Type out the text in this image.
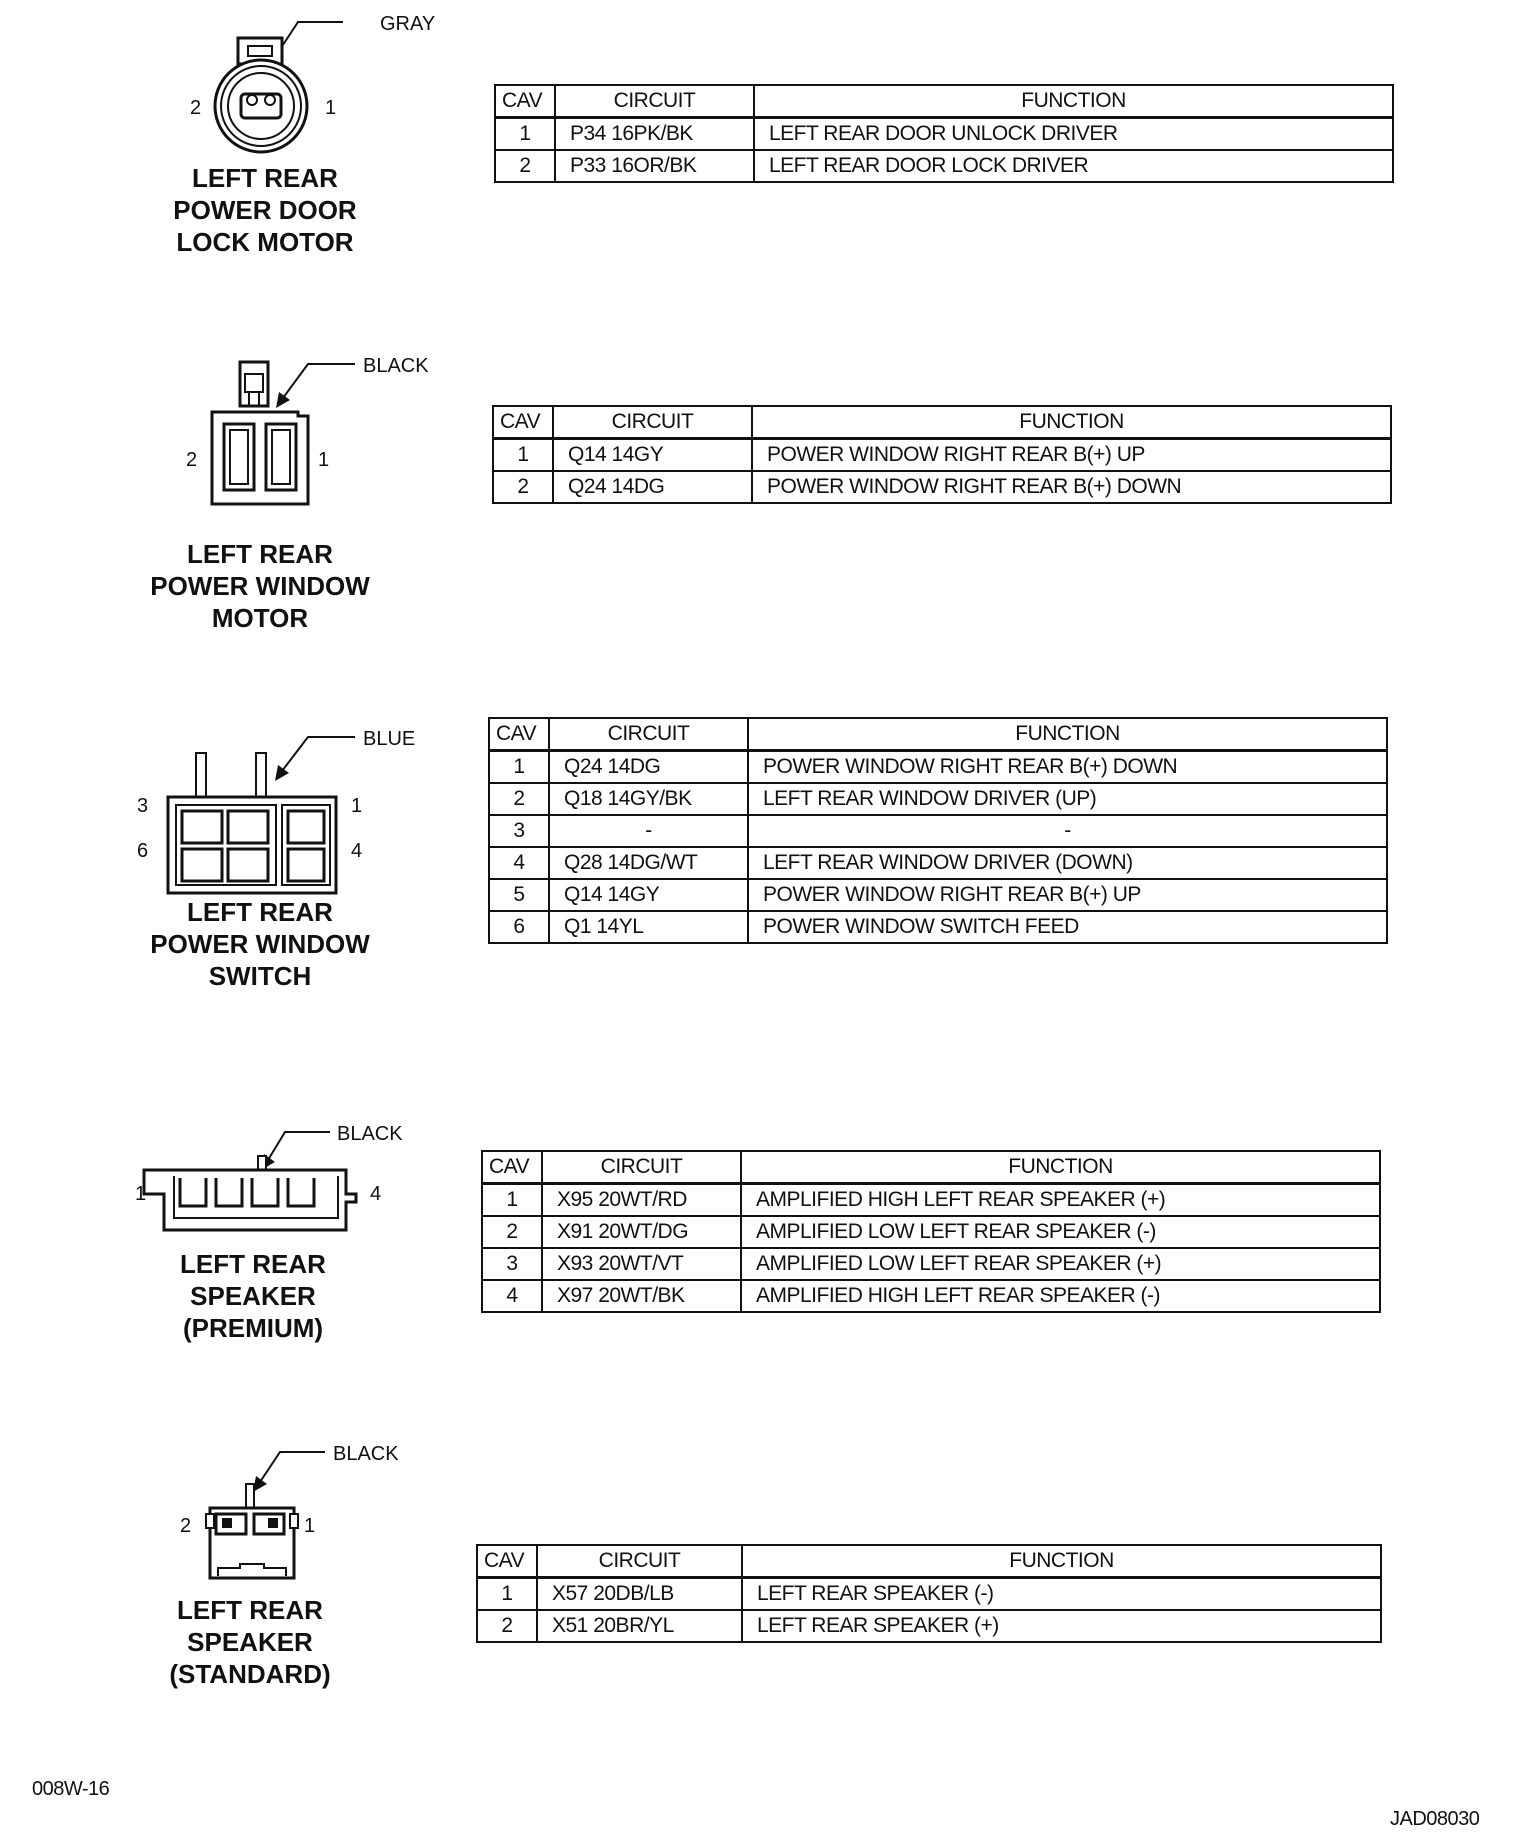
GRAY
2	1
LEFT REAR
POWER DOOR
LOCK MOTOR
CAV	CIRCUIT	FUNCTION
1	P34 16PK/BK	LEFT REAR DOOR UNLOCK DRIVER
2	P33 16OR/BK	LEFT REAR DOOR LOCK DRIVER
BLACK
2	1
LEFT REAR
POWER WINDOW
MOTOR
CAV	CIRCUIT	FUNCTION
1	Q14 14GY	POWER WINDOW RIGHT REAR B(+) UP
2	Q24 14DG	POWER WINDOW RIGHT REAR B(+) DOWN
BLUE
3
6
1
4
LEFT REAR
POWER WINDOW
SWITCH
CAV	CIRCUIT	FUNCTION
1	Q24 14DG	POWER WINDOW RIGHT REAR B(+) DOWN
2	Q18 14GY/BK	LEFT REAR WINDOW DRIVER (UP)
3	-	-
4	Q28 14DG/WT	LEFT REAR WINDOW DRIVER (DOWN)
5	Q14 14GY	POWER WINDOW RIGHT REAR B(+) UP
6	Q1 14YL	POWER WINDOW SWITCH FEED
BLACK
1	4
LEFT REAR
SPEAKER
(PREMIUM)
CAV	CIRCUIT	FUNCTION
1	X95 20WT/RD	AMPLIFIED HIGH LEFT REAR SPEAKER (+)
2	X91 20WT/DG	AMPLIFIED LOW LEFT REAR SPEAKER (-)
3	X93 20WT/VT	AMPLIFIED LOW LEFT REAR SPEAKER (+)
4	X97 20WT/BK	AMPLIFIED HIGH LEFT REAR SPEAKER (-)
BLACK
2	1
LEFT REAR
SPEAKER
(STANDARD)
CAV	CIRCUIT	FUNCTION
1	X57 20DB/LB	LEFT REAR SPEAKER (-)
2	X51 20BR/YL	LEFT REAR SPEAKER (+)
008W-16
JAD08030
